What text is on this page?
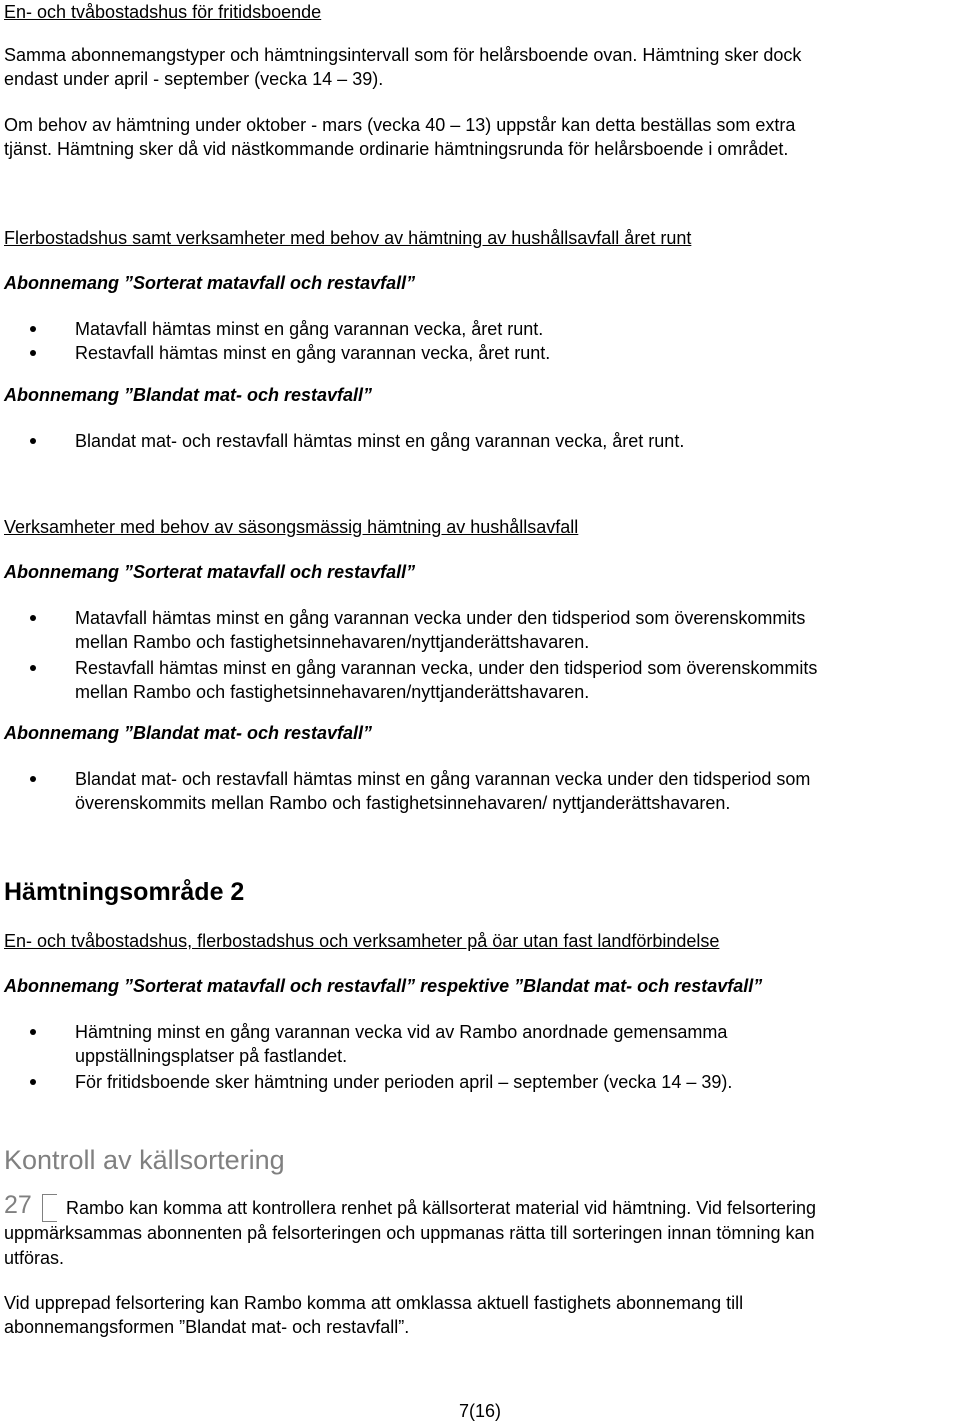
En- och tvåbostadshus för fritidsboende
Samma abonnemangstyper och hämtningsintervall som för helårsboende ovan. Hämtning sker dock
endast under april - september (vecka 14 – 39).
Om behov av hämtning under oktober - mars (vecka 40 – 13) uppstår kan detta beställas som extra
tjänst. Hämtning sker då vid nästkommande ordinarie hämtningsrunda för helårsboende i området.
Flerbostadshus samt verksamheter med behov av hämtning av hushållsavfall året runt
Abonnemang ”Sorterat matavfall och restavfall”
Matavfall hämtas minst en gång varannan vecka, året runt.
Restavfall hämtas minst en gång varannan vecka, året runt.
Abonnemang ”Blandat mat- och restavfall”
Blandat mat- och restavfall hämtas minst en gång varannan vecka, året runt.
Verksamheter med behov av säsongsmässig hämtning av hushållsavfall
Abonnemang ”Sorterat matavfall och restavfall”
Matavfall hämtas minst en gång varannan vecka under den tidsperiod som överenskommits
mellan Rambo och fastighetsinnehavaren/nyttjanderättshavaren.
Restavfall hämtas minst en gång varannan vecka, under den tidsperiod som överenskommits
mellan Rambo och fastighetsinnehavaren/nyttjanderättshavaren.
Abonnemang ”Blandat mat- och restavfall”
Blandat mat- och restavfall hämtas minst en gång varannan vecka under den tidsperiod som
överenskommits mellan Rambo och fastighetsinnehavaren/ nyttjanderättshavaren.
Hämtningsområde 2
En- och tvåbostadshus, flerbostadshus och verksamheter på öar utan fast landförbindelse
Abonnemang ”Sorterat matavfall och restavfall” respektive ”Blandat mat- och restavfall”
Hämtning minst en gång varannan vecka vid av Rambo anordnade gemensamma
uppställningsplatser på fastlandet.
För fritidsboende sker hämtning under perioden april – september (vecka 14 – 39).
Kontroll av källsortering
27 Rambo kan komma att kontrollera renhet på källsorterat material vid hämtning. Vid felsortering
uppmärksammas abonnenten på felsorteringen och uppmanas rätta till sorteringen innan tömning kan
utföras.
Vid upprepad felsortering kan Rambo komma att omklassa aktuell fastighets abonnemang till
abonnemangsformen ”Blandat mat- och restavfall”.
7(16)
